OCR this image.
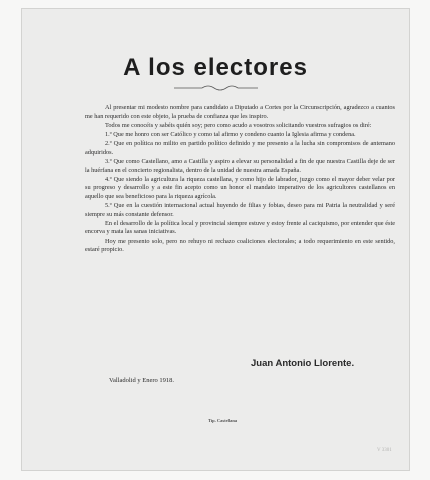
A los electores

Al presentar mi modesto nombre para candidato a Diputado a Cortes por la Circunscripción, agradezco a cuantos me han requerido con este objeto, la prueba de confianza que les inspiro.

Todos me conocéis y sabéis quién soy; pero como acudo a vosotros solicitando vuestros sufragios os diré:

1.º Que me honro con ser Católico y como tal afirmo y condeno cuanto la Iglesia afirma y condena.

2.º Que en política no milito en partido político definido y me presento a la lucha sin compromisos de antemano adquiridos.

3.º Que como Castellano, amo a Castilla y aspiro a elevar su personalidad a fin de que nuestra Castilla deje de ser la huérfana en el concierto regionalista, dentro de la unidad de nuestra amada España.

4.º Que siendo la agricultura la riqueza castellana, y como hijo de labrador, juzgo como el mayor deber velar por su progreso y desarrollo y a este fin acepto como un honor el mandato imperativo de los agricultores castellanos en aquello que sea beneficioso para la riqueza agrícola.

5.º Que en la cuestión internacional actual huyendo de filias y fobias, deseo para mi Patria la neutralidad y seré siempre su más constante defensor.

En el desarrollo de la política local y provincial siempre estuve y estoy frente al caciquismo, por entender que éste encorva y mata las sanas iniciativas.

Hoy me presento solo, pero no rehuyo ni rechazo coaliciones electorales; a todo requerimiento en este sentido, estaré propicio.

Juan Antonio Llorente.
Valladolid y Enero 1918.
Tip. Castellana
V 3301
